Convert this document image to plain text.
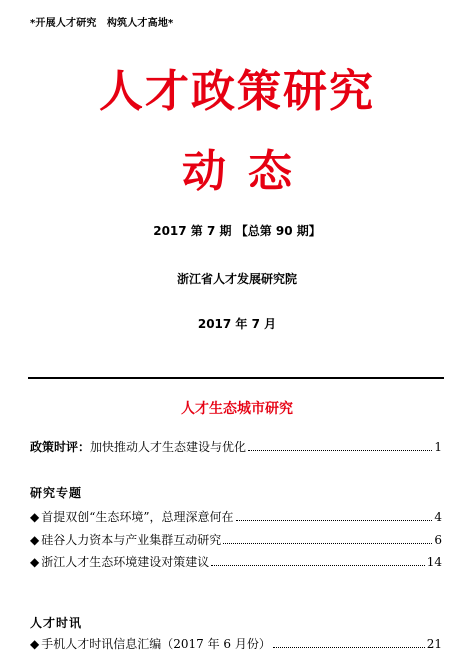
*开展人才研究　构筑人才高地*
人才政策研究
动态
2017 第 7 期 【总第 90 期】
浙江省人才发展研究院
2017 年 7 月
人才生态城市研究
政策时评： 加快推动人才生态建设与优化	1
研究专题
◆ 首提双创“生态环境”，总理深意何在	4
◆ 硅谷人力资本与产业集群互动研究	6
◆ 浙江人才生态环境建设对策建议	14
人才时讯
◆ 手机人才时讯信息汇编（2017 年 6 月份）	21
